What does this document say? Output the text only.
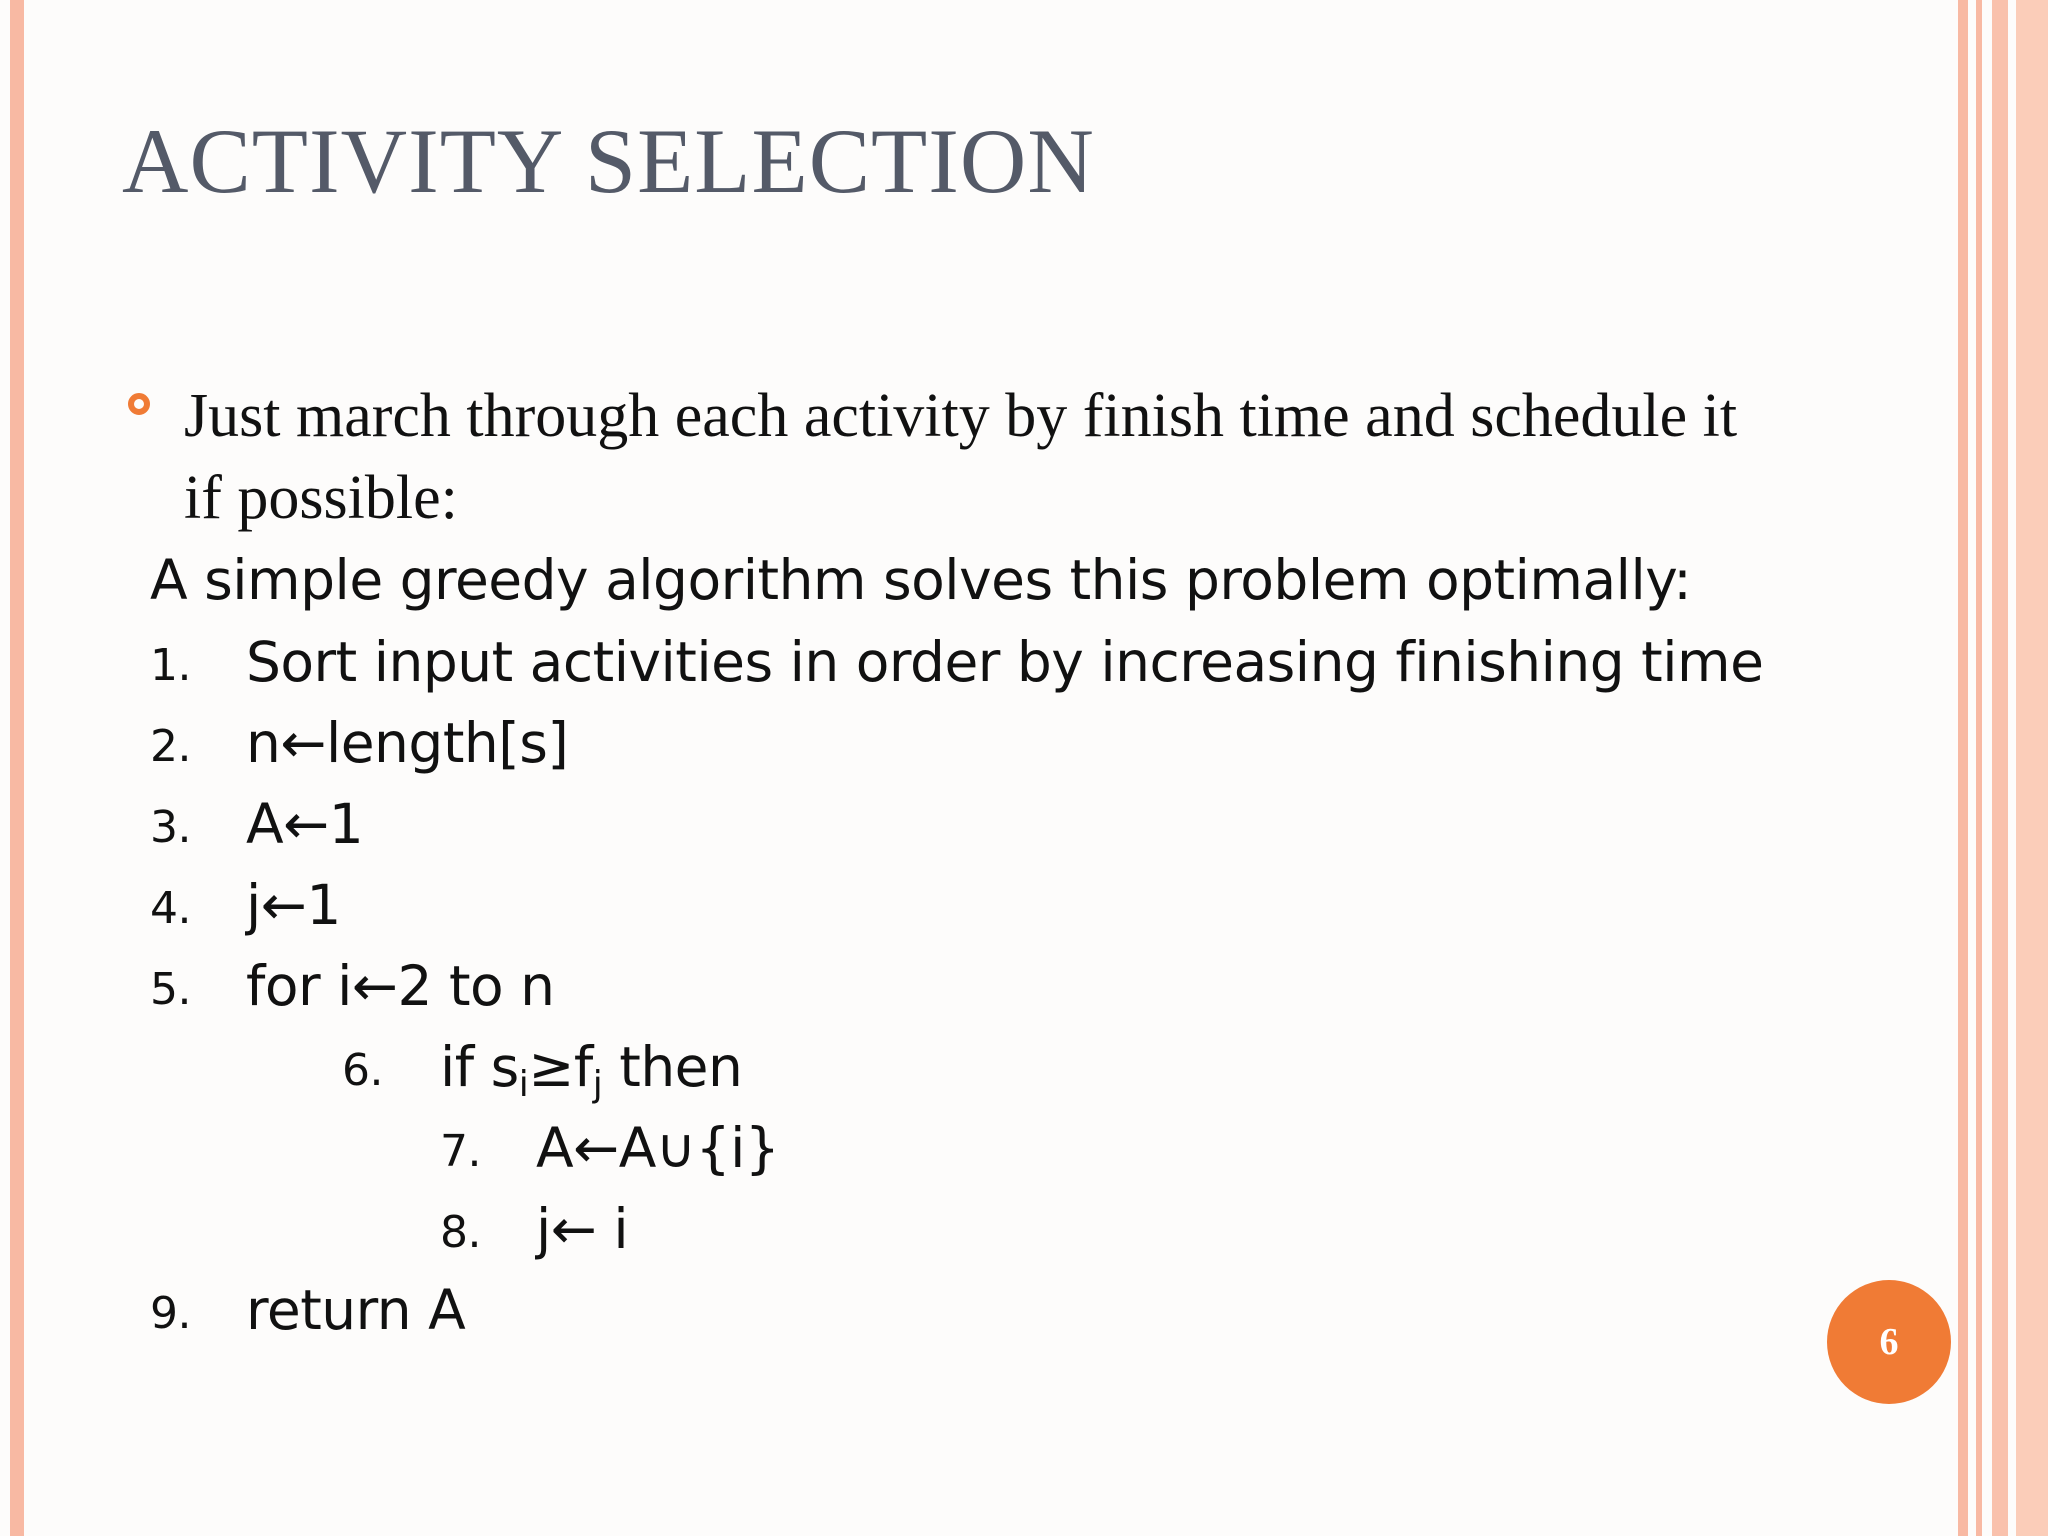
ACTIVITY SELECTION
Just march through each activity by finish time and schedule it if possible:
A simple greedy algorithm solves this problem optimally:
1. Sort input activities in order by increasing finishing time
2. n←length[s]
3. A←1
4. j←1
5. for i←2 to n
6. if $s_i\ge f_j$ then
7. A←A∪{i}
8. j← i
9. return A	6
